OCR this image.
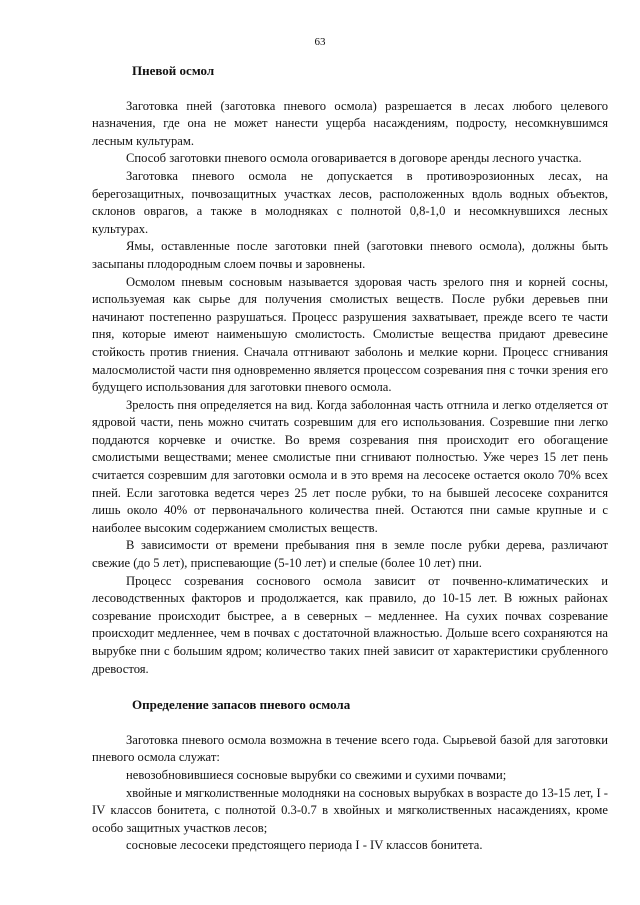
63
Пневой осмол

Заготовка пней (заготовка пневого осмола) разрешается в лесах любого целевого назначения, где она не может нанести ущерба насаждениям, подросту, несомкнувшимся лесным культурам.

Способ заготовки пневого осмола оговаривается в договоре аренды лесного участка.

Заготовка пневого осмола не допускается в противоэрозионных лесах, на берегозащитных, почвозащитных участках лесов, расположенных вдоль водных объектов, склонов оврагов, а также в молодняках с полнотой 0,8-1,0 и несомкнувшихся лесных культурах.

Ямы, оставленные после заготовки пней (заготовки пневого осмола), должны быть засыпаны плодородным слоем почвы и заровнены.

Осмолом пневым сосновым называется здоровая часть зрелого пня и корней сосны, используемая как сырье для получения смолистых веществ. После рубки деревьев пни начинают постепенно разрушаться. Процесс разрушения захватывает, прежде всего те части пня, которые имеют наименьшую смолистость. Смолистые вещества придают древесине стойкость против гниения. Сначала отгнивают заболонь и мелкие корни. Процесс сгнивания малосмолистой части пня одновременно является процессом созревания пня с точки зрения его будущего использования для заготовки пневого осмола.

Зрелость пня определяется на вид. Когда заболонная часть отгнила и легко отделяется от ядровой части, пень можно считать созревшим для его использования. Созревшие пни легко поддаются корчевке и очистке. Во время созревания пня происходит его обогащение смолистыми веществами; менее смолистые пни сгнивают полностью. Уже через 15 лет пень считается созревшим для заготовки осмола и в это время на лесосеке остается около 70% всех пней. Если заготовка ведется через 25 лет после рубки, то на бывшей лесосеке сохранится лишь около 40% от первоначального количества пней. Остаются пни самые крупные и с наиболее высоким содержанием смолистых веществ.

В зависимости от времени пребывания пня в земле после рубки дерева, различают свежие (до 5 лет), приспевающие (5-10 лет) и спелые (более 10 лет) пни.

Процесс созревания соснового осмола зависит от почвенно-климатических и лесоводственных факторов и продолжается, как правило, до 10-15 лет. В южных районах созревание происходит быстрее, а в северных – медленнее. На сухих почвах созревание происходит медленнее, чем в почвах с достаточной влажностью. Дольше всего сохраняются на вырубке пни с большим ядром; количество таких пней зависит от характеристики срубленного древостоя.

Определение запасов пневого осмола

Заготовка пневого осмола возможна в течение всего года. Сырьевой базой для заготовки пневого осмола служат:

невозобновившиеся сосновые вырубки со свежими и сухими почвами;

хвойные и мягколиственные молодняки на сосновых вырубках в возрасте до 13-15 лет, I - IV классов бонитета, с полнотой 0.3-0.7 в хвойных и мягколиственных насаждениях, кроме особо защитных участков лесов;

сосновые лесосеки предстоящего периода I - IV классов бонитета.
